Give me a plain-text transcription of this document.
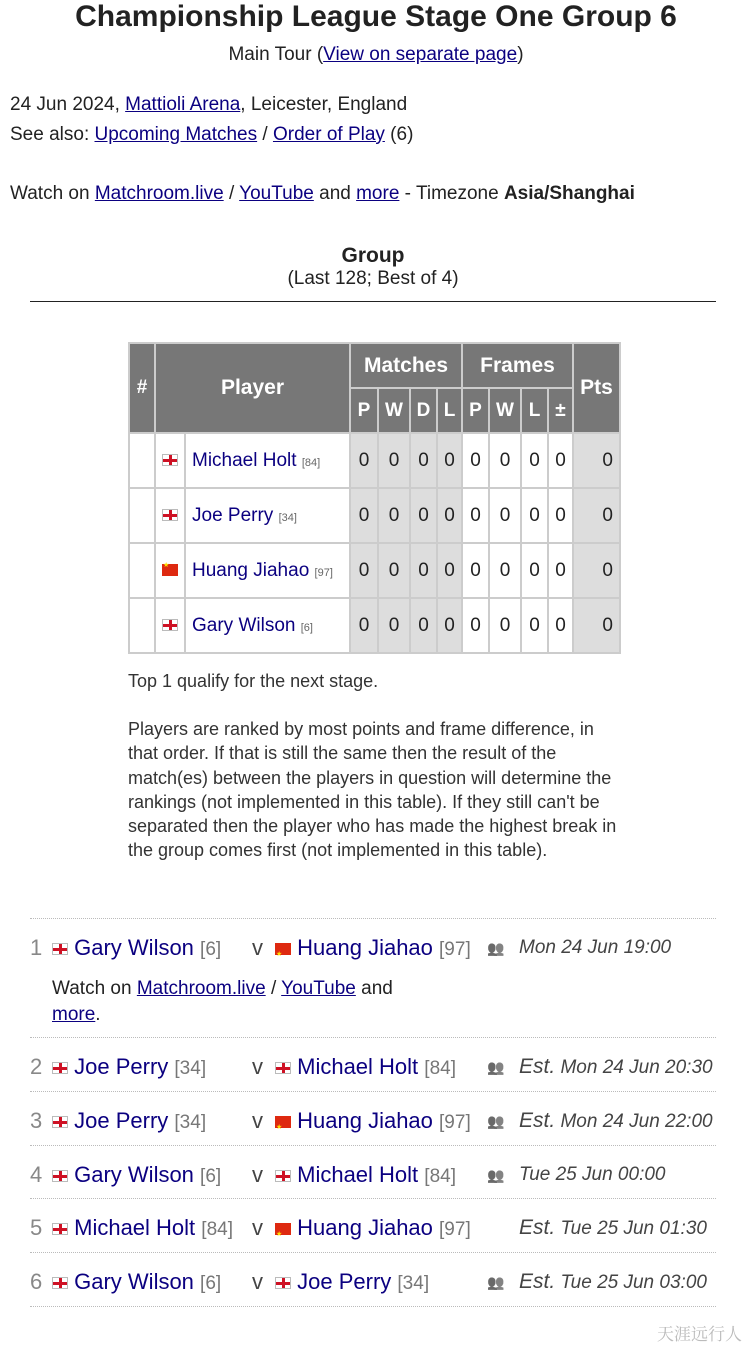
Championship League Stage One Group 6
Main Tour (View on separate page)
24 Jun 2024, Mattioli Arena, Leicester, England
See also: Upcoming Matches / Order of Play (6)
Watch on Matchroom.live / YouTube and more - Timezone Asia/Shanghai
Group
(Last 128; Best of 4)
#	Player		Matches				Frames				Pts
			P	W	D	L	P	W	L	±	
		Michael Holt [84]	0	0	0	0	0	0	0	0	0
		Joe Perry [34]	0	0	0	0	0	0	0	0	0
	★	Huang Jiahao [97]	0	0	0	0	0	0	0	0	0
		Gary Wilson [6]	0	0	0	0	0	0	0	0	0
Top 1 qualify for the next stage.
Players are ranked by most points and frame difference, in that order. If that is still the same then the result of the match(es) between the players in question will determine the rankings (not implemented in this table). If they still can't be separated then the player who has made the highest break in the group comes first (not implemented in this table).
1	Gary Wilson [6] v ★	Huang Jiahao [97] 👥 Mon 24 Jun 19:00
2	Joe Perry [34] v	Michael Holt [84] 👥 Est. Mon 24 Jun 20:30
3	Joe Perry [34] v ★	Huang Jiahao [97] 👥 Est. Mon 24 Jun 22:00
4	Gary Wilson [6] v	Michael Holt [84] 👥 Tue 25 Jun 00:00
5	Michael Holt [84] v ★	Huang Jiahao [97] Est. Tue 25 Jun 01:30
6	Gary Wilson [6] v	Joe Perry [34]	👥 Est. Tue 25 Jun 03:00
Watch on Matchroom.live / YouTube and
more.
天涯远行人
